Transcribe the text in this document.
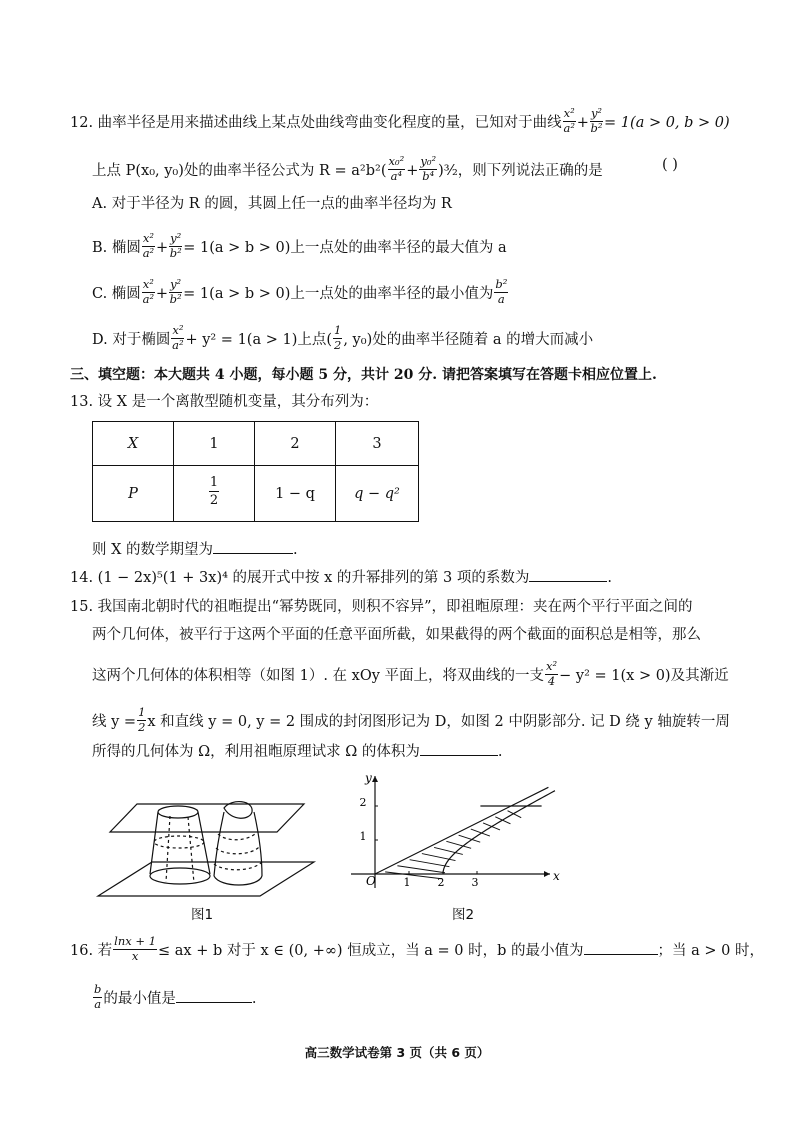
12. 曲率半径是用来描述曲线上某点处曲线弯曲变化程度的量，已知对于曲线 $\frac{\text{x²}}{\text{a²}} + \frac{\text{y²}}{\text{b²}} = 1(a > 0$, b > 0)
上点 P(x₀, y₀)处的曲率半径公式为 $R = a^2b^2( \frac{\text{x₀²}}{\text{a⁴}} + \frac{\text{y₀²}}{\text{b⁴}}$ )³⁄₂，则下列说法正确的是	( )
A. 对于半径为 R 的圆，其圆上任一点的曲率半径均为 R
B. 椭圆 $\frac{\text{x²}}{\text{a²}} + \frac{\text{y²}}{\text{b²}} = 1(a > b > 0)$上一点处的曲率半径的最大值为 a
C. 椭圆 $\frac{\text{x²}}{\text{a²}} + \frac{\text{y²}}{\text{b²}} = 1(a > b > 0)$上一点处的曲率半径的最小值为 $\frac{\text{b²}}{a}$
D. 对于椭圆 $\frac{\text{x²}}{\text{a²}} + y^2 = 1(a > 1)$上点( $\frac{1}{2}$ , y₀)处的曲率半径随着 a 的增大而减小
三、填空题：本大题共 4 小题，每小题 5 分，共计 20 分. 请把答案填写在答题卡相应位置上.
13. 设 X 是一个离散型随机变量，其分布列为：
X	1	2	3
P	$\frac{1}{2}$	1 − q	q − q²
则 X 的数学期望为	.
14. (1 − 2x)⁵(1 + 3x)⁴ 的展开式中按 x 的升幂排列的第 3 项的系数为	.
15. 我国南北朝时代的祖暅提出“幂势既同，则积不容异”，即祖暅原理：夹在两个平行平面之间的
两个几何体，被平行于这两个平面的任意平面所截，如果截得的两个截面的面积总是相等，那么
这两个几何体的体积相等（如图 1）. 在 xOy 平面上，将双曲线的一支 $\frac{\text{x²}}{4} - y^2 = 1(x > 0)$及其渐近
线 $y = \frac{1}{2}$ x 和直线 y = 0, y = 2 围成的封闭图形记为 D，如图 2 中阴影部分. 记 D 绕 y 轴旋转一周
所得的几何体为 Ω，利用祖暅原理试求 Ω 的体积为	.
图1
x
y
O	1 2 3
1
2
图2
16. 若 $\frac{\ln x + 1}{x}$ ≤ ax + b 对于 x ∈ (0, +∞) 恒成立，当 a = 0 时，b 的最小值为	；当 a > 0 时，
$\frac{b}{a}$ 的最小值是	.
高三数学试卷第 3 页（共 6 页）
